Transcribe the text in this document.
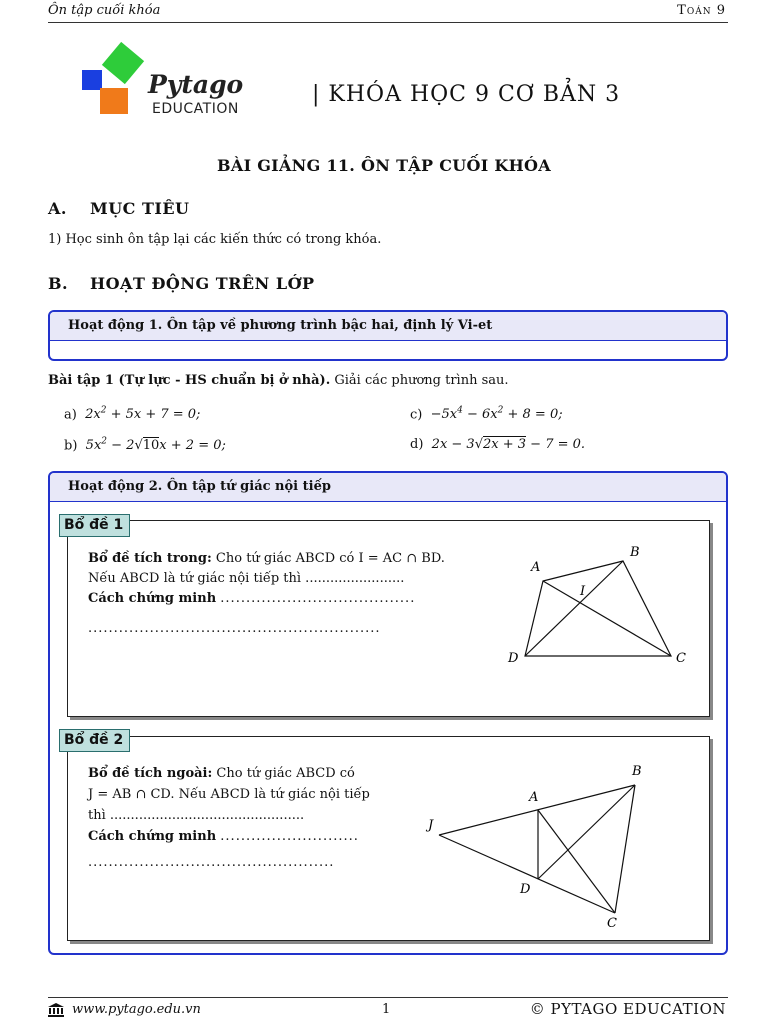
Ôn tập cuối khóa	Toán 9
Pytago
EDUCATION
| KHÓA HỌC 9 CƠ BẢN 3
BÀI GIẢNG 11. ÔN TẬP CUỐI KHÓA
A. MỤC TIÊU
1) Học sinh ôn tập lại các kiến thức có trong khóa.
B. HOẠT ĐỘNG TRÊN LỚP
Hoạt động 1. Ôn tập về phương trình bậc hai, định lý Vi-et
Bài tập 1 (Tự lực - HS chuẩn bị ở nhà). Giải các phương trình sau.
a) $2x^2 + 5x + 7 = 0$;	$c) -5x^4 - 6x^2 + 8 = 0$;
b) $5x^2 - 2√10x + 2 = 0$;	d) 2x − 3√2x + 3 − 7 = 0.
Hoạt động 2. Ôn tập tứ giác nội tiếp
Bổ đề tích trong: Cho tứ giác ABCD có I = AC ∩ BD.
Nếu ABCD là tứ giác nội tiếp thì ........................
Cách chứng minh ......................................
.........................................................
A
B
C
D
I
Bổ đề 1
Bổ đề tích ngoài: Cho tứ giác ABCD có
J = AB ∩ CD. Nếu ABCD là tứ giác nội tiếp
thì ...............................................
Cách chứng minh ...........................
................................................
J
A
B
C
D
Bổ đề 2
www.pytago.edu.vn	1	© PYTAGO EDUCATION
